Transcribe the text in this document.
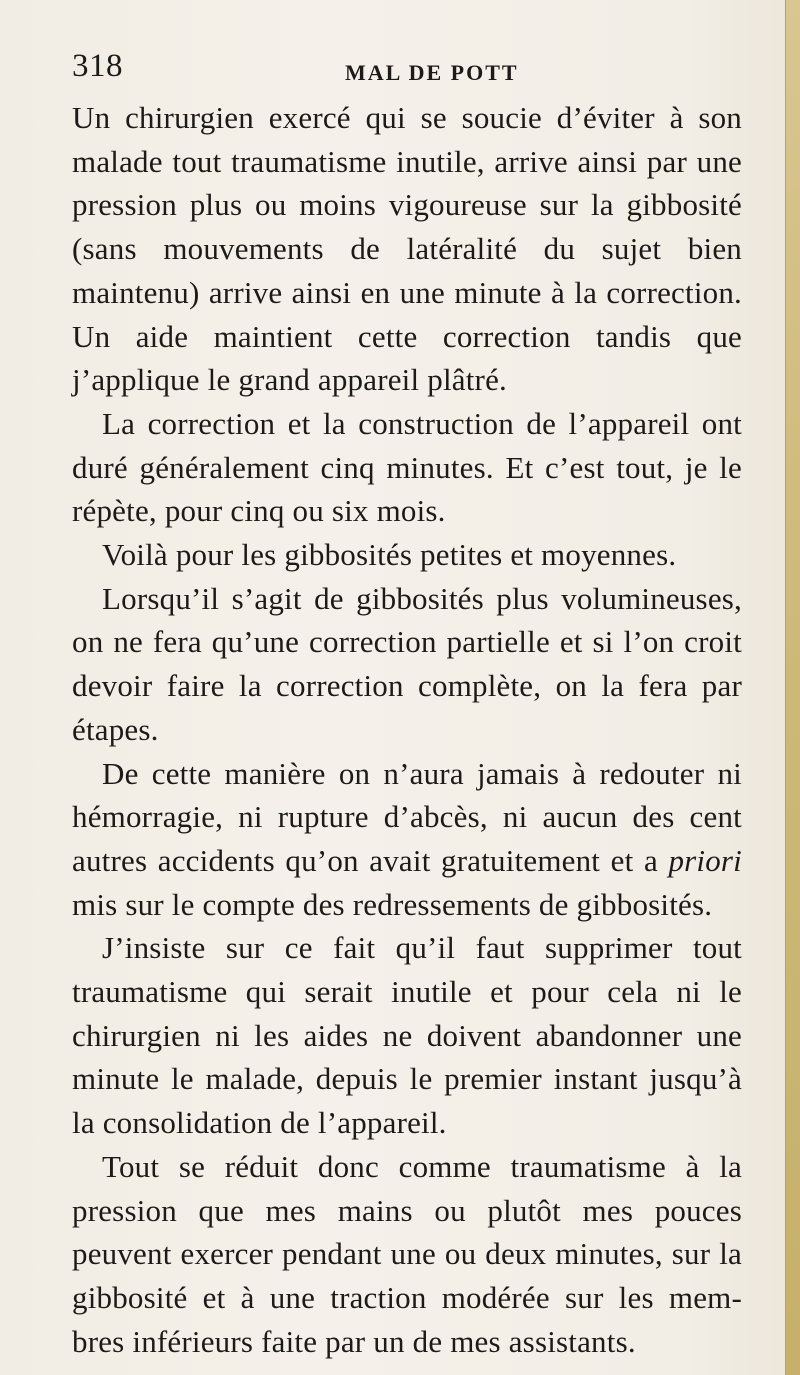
318	MAL DE POTT

Un chirurgien exercé qui se soucie d’éviter à son malade tout traumatisme inutile, arrive ainsi par une pression plus ou moins vigoureuse sur la gibbosité (sans mouvements de latéralité du sujet bien maintenu) arrive ainsi en une minute à la correction. Un aide maintient cette correction tandis que j’applique le grand appareil plâtré.

La correction et la construction de l’appareil ont duré généralement cinq minutes. Et c’est tout, je le répète, pour cinq ou six mois.

Voilà pour les gibbosités petites et moyennes.

Lorsqu’il s’agit de gibbosités plus volumineuses, on ne fera qu’une correction partielle et si l’on croit devoir faire la correction complète, on la fera par étapes.

De cette manière on n’aura jamais à redouter ni hémorragie, ni rupture d’abcès, ni aucun des cent autres accidents qu’on avait gratuitement et a priori mis sur le compte des redressements de gibbosités.

J’insiste sur ce fait qu’il faut supprimer tout traumatisme qui serait inutile et pour cela ni le chirurgien ni les aides ne doivent abandonner une minute le malade, depuis le premier instant jusqu’à la consolidation de l’appareil.

Tout se réduit donc comme traumatisme à la pression que mes mains ou plutôt mes pouces peuvent exercer pendant une ou deux minutes, sur la gibbosité et à une traction modérée sur les mem- bres inférieurs faite par un de mes assistants.
